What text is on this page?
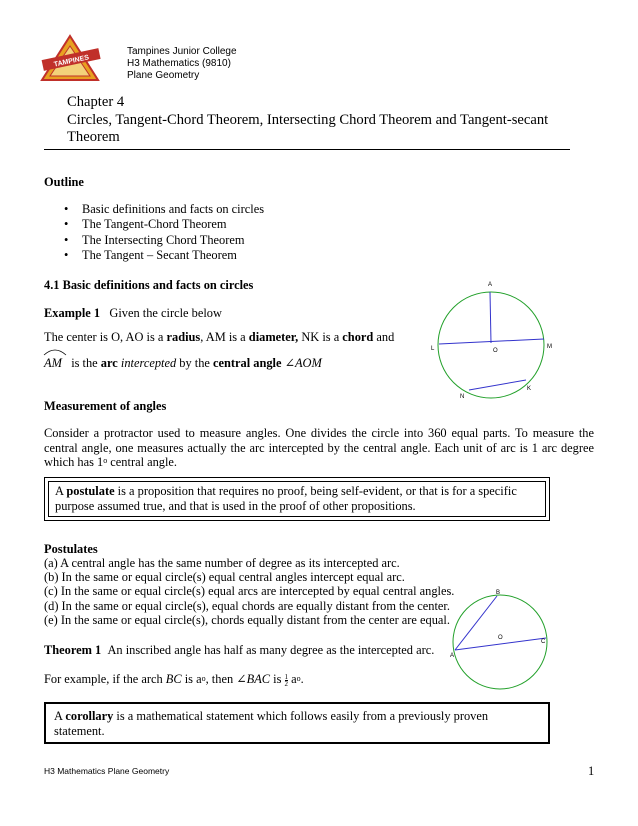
TAMPINES
Tampines Junior College
H3 Mathematics (9810)
Plane Geometry
Chapter 4
Circles, Tangent-Chord Theorem, Intersecting Chord Theorem and Tangent-secant Theorem
Outline
• Basic definitions and facts on circles
• The Tangent-Chord Theorem
• The Intersecting Chord Theorem
• The Tangent – Secant Theorem
4.1 Basic definitions and facts on circles
Example 1 Given the circle below
The center is O, AO is a radius, AM is a diameter, NK is a chord and
AM is the arc intercepted by the central angle ∠AOM
A
L	O
M
K
N
Measurement of angles
Consider a protractor used to measure angles. One divides the circle into 360 equal parts. To measure the central angle, one measures actually the arc intercepted by the central angle. Each unit of arc is 1 arc degree which has 1$^o$ central angle.
A postulate is a proposition that requires no proof, being self-evident, or that is for a specific purpose assumed true, and that is used in the proof of other propositions.
Postulates
(a) A central angle has the same number of degree as its intercepted arc.
(b) In the same or equal circle(s) equal central angles intercept equal arc.
(c) In the same or equal circle(s) equal arcs are intercepted by equal central angles.
(d) In the same or equal circle(s), equal chords are equally distant from the center.
(e) In the same or equal circle(s), chords equally distant from the center are equal.
B
O
C
A
Theorem 1 An inscribed angle has half as many degree as the intercepted arc.
For example, if the arch BC is $a^o$, then ∠BAC is $\frac{1}{2} a^o$.
A corollary is a mathematical statement which follows easily from a previously proven statement.
H3 Mathematics Plane Geometry	1
